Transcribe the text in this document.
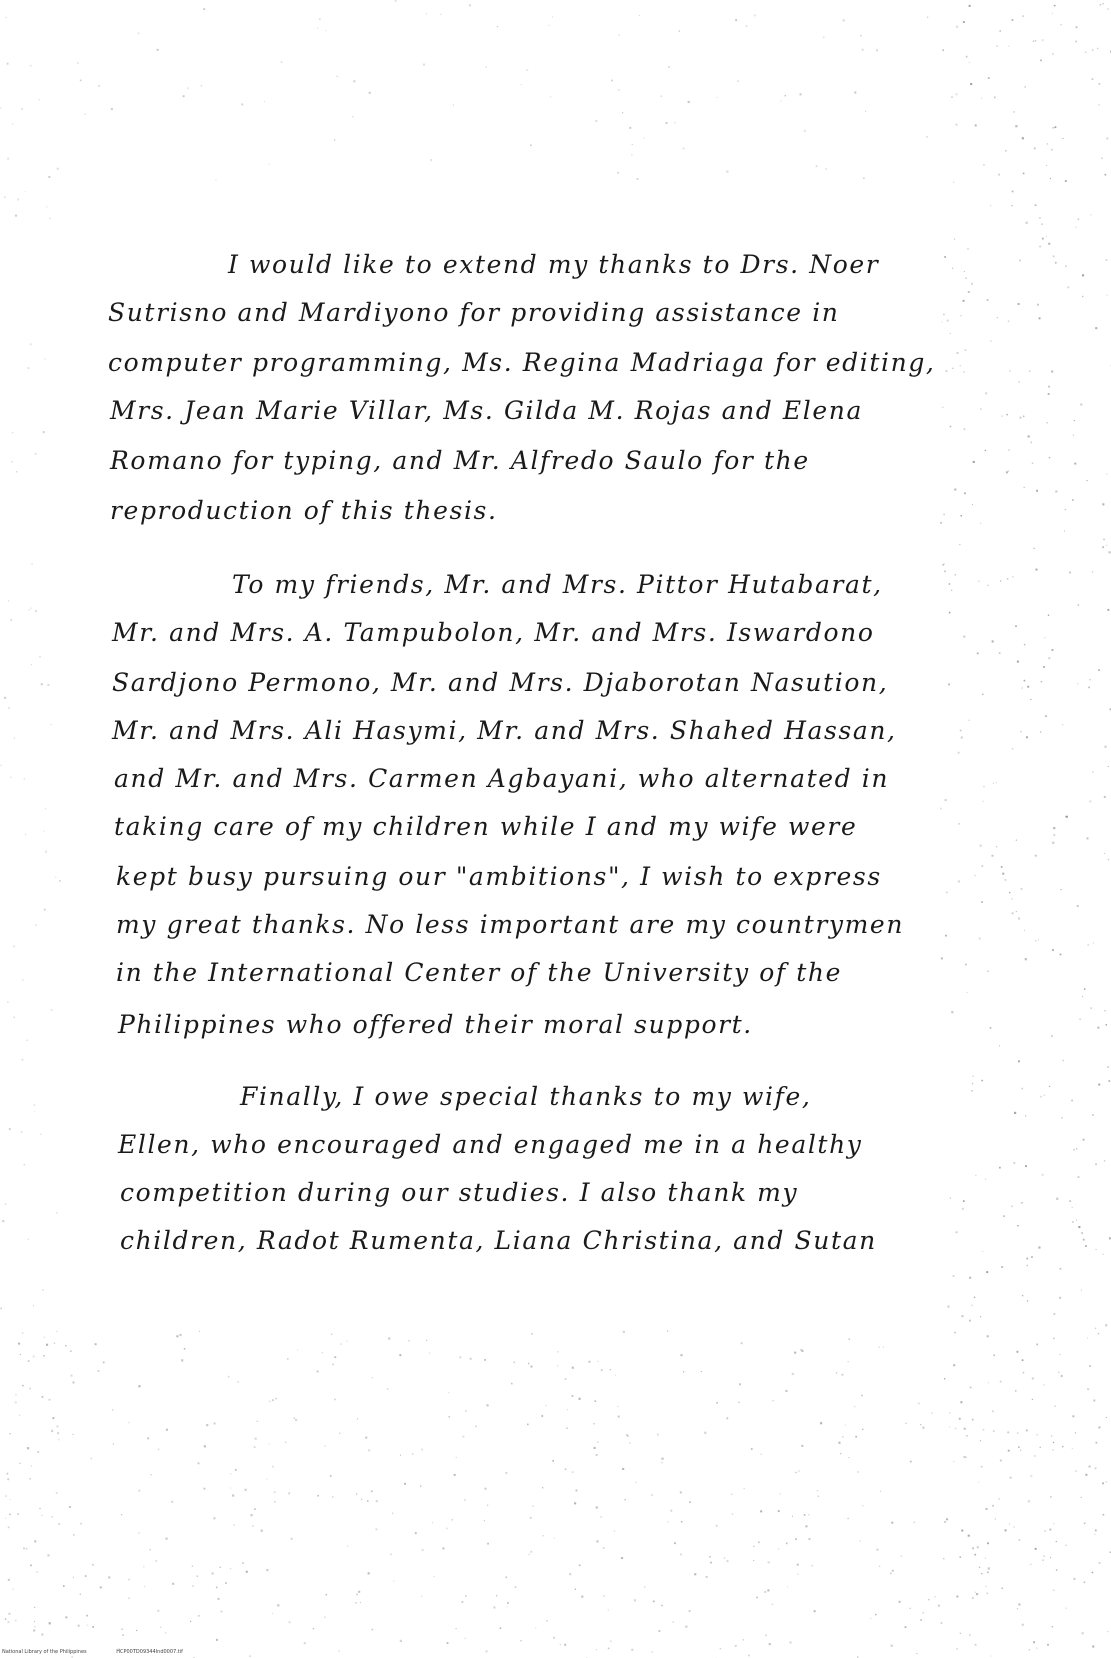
I would like to extend my thanks to Drs. Noer

Sutrisno and Mardiyono for providing assistance in

computer programming, Ms. Regina Madriaga for editing,

Mrs. Jean Marie Villar, Ms. Gilda M. Rojas and Elena

Romano for typing, and Mr. Alfredo Saulo for the

reproduction of this thesis.

To my friends, Mr. and Mrs. Pittor Hutabarat,

Mr. and Mrs. A. Tampubolon, Mr. and Mrs. Iswardono

Sardjono Permono, Mr. and Mrs. Djaborotan Nasution,

Mr. and Mrs. Ali Hasymi, Mr. and Mrs. Shahed Hassan,

and Mr. and Mrs. Carmen Agbayani, who alternated in

taking care of my children while I and my wife were

kept busy pursuing our "ambitions", I wish to express

my great thanks. No less important are my countrymen

in the International Center of the University of the

Philippines who offered their moral support.

Finally, I owe special thanks to my wife,

Ellen, who encouraged and engaged me in a healthy

competition during our studies. I also thank my

children, Radot Rumenta, Liana Christina, and Sutan

National Library of the Philippines	HCP00TD09344Ind0007.tif
